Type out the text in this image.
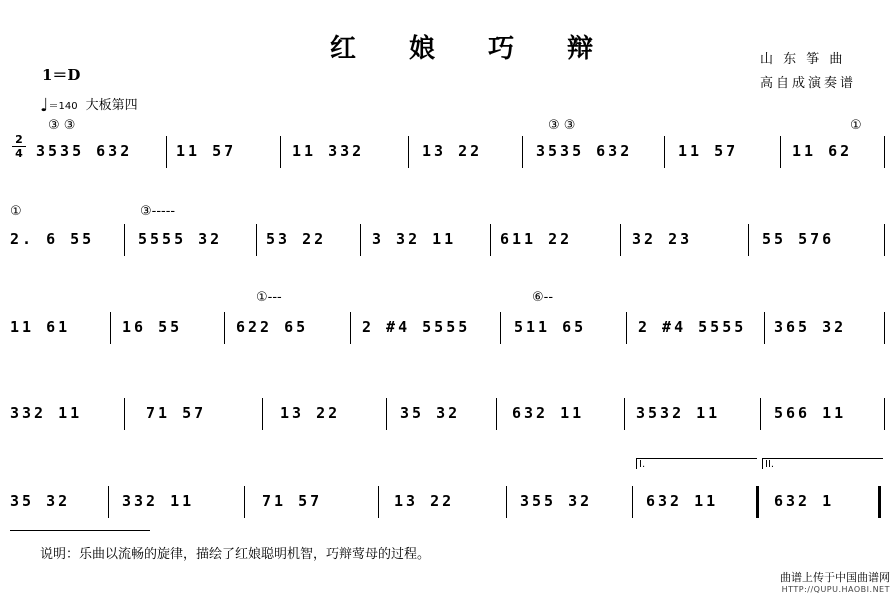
红 娘 巧 辩	山 东 筝 曲
高自成演奏谱
1＝D
♩＝140 大板第四
2
4
③ ③	③ ③	①
3535 632	11 57	11 332	13 22	3535 632	11 57	11 62
①	③-----
2. 6 55	5555 32	53 22	3 32 11	611 22	32 23	55 576
①---	⑥--
11 61	16 55	622 65	2 #4 5555	511 65	2 #4 5555 365 32
332 11	71 57	13 22	35 32	632 11	3532 11	566 11
I.	II.
35 32	332 11	71 57	13 22	355 32	632 11	632 1
说明：乐曲以流畅的旋律，描绘了红娘聪明机智，巧辩莺母的过程。
曲谱上传于中国曲谱网
HTTP://QUPU.HAOBI.NET
